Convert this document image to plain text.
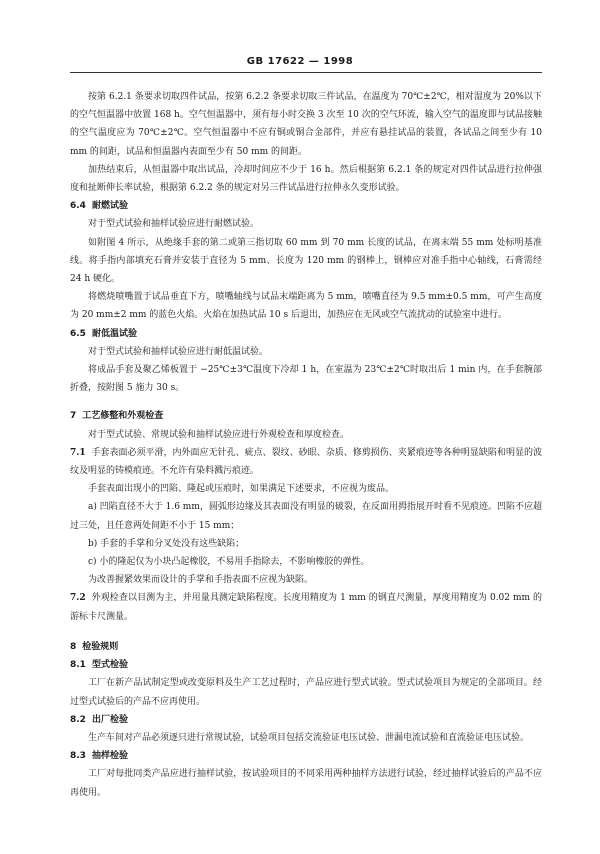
GB 17622 — 1998

按第 6.2.1 条要求切取四件试品，按第 6.2.2 条要求切取三件试品，在温度为 70℃±2℃，相对湿度为 20%以下的空气恒温器中放置 168 h。空气恒温器中，须有每小时交换 3 次至 10 次的空气环流，输入空气的温度即与试品接触的空气温度应为 70℃±2℃。空气恒温器中不应有铜或铜合金部件，并应有悬挂试品的装置，各试品之间至少有 10 mm 的间距，试品和恒温器内表面至少有 50 mm 的间距。

加热结束后，从恒温器中取出试品，冷却时间应不少于 16 h。然后根据第 6.2.1 条的规定对四件试品进行拉伸强度和扯断伸长率试验，根据第 6.2.2 条的规定对另三件试品进行拉伸永久变形试验。

6.4 耐燃试验

对于型式试验和抽样试验应进行耐燃试验。

如附图 4 所示，从绝缘手套的第二或第三指切取 60 mm 到 70 mm 长度的试品，在离末端 55 mm 处标明基准线。将手指内部填充石膏并安装于直径为 5 mm、长度为 120 mm 的钢棒上，钢棒应对准手指中心轴线，石膏需经 24 h 硬化。

将燃烧喷嘴置于试品垂直下方，喷嘴轴线与试品末端距离为 5 mm，喷嘴直径为 9.5 mm±0.5 mm，可产生高度为 20 mm±2 mm 的蓝色火焰。火焰在加热试品 10 s 后退出，加热应在无风或空气流扰动的试验室中进行。

6.5 耐低温试验

对于型式试验和抽样试验应进行耐低温试验。

将成品手套及聚乙烯板置于 −25℃±3℃温度下冷却 1 h，在室温为 23℃±2℃时取出后 1 min 内，在手套腕部折叠，按附图 5 施力 30 s。

7 工艺修整和外观检查

对于型式试验、常规试验和抽样试验应进行外观检查和厚度检查。

7.1 手套表面必须平滑，内外面应无针孔、疵点、裂纹、砂眼、杂质、修剪损伤、夹紧痕迹等各种明显缺陷和明显的波纹及明显的铸模痕迹。不允许有染料溅污痕迹。

手套表面出现小的凹陷、隆起或压痕时，如果满足下述要求，不应视为废品。

a) 凹陷直径不大于 1.6 mm，圆弧形边缘及其表面没有明显的破裂，在反面用拇指展开时看不见痕迹。凹陷不应超过三处，且任意两处间距不小于 15 mm；

b) 手套的手掌和分叉处没有这些缺陷；

c) 小的隆起仅为小块凸起橡胶，不易用手指除去，不影响橡胶的弹性。

为改善握紧效果而设计的手掌和手指表面不应视为缺陷。

7.2 外观检查以目测为主，并用量具测定缺陷程度。长度用精度为 1 mm 的钢直尺测量，厚度用精度为 0.02 mm 的游标卡尺测量。

8 检验规则
8.1 型式检验

工厂在新产品试制定型或改变原料及生产工艺过程时，产品应进行型式试验。型式试验项目为规定的全部项目。经过型式试验后的产品不应再使用。

8.2 出厂检验

生产车间对产品必须逐只进行常规试验，试验项目包括交流验证电压试验、泄漏电流试验和直流验证电压试验。

8.3 抽样检验

工厂对每批同类产品应进行抽样试验，按试验项目的不同采用两种抽样方法进行试验，经过抽样试验后的产品不应再使用。
